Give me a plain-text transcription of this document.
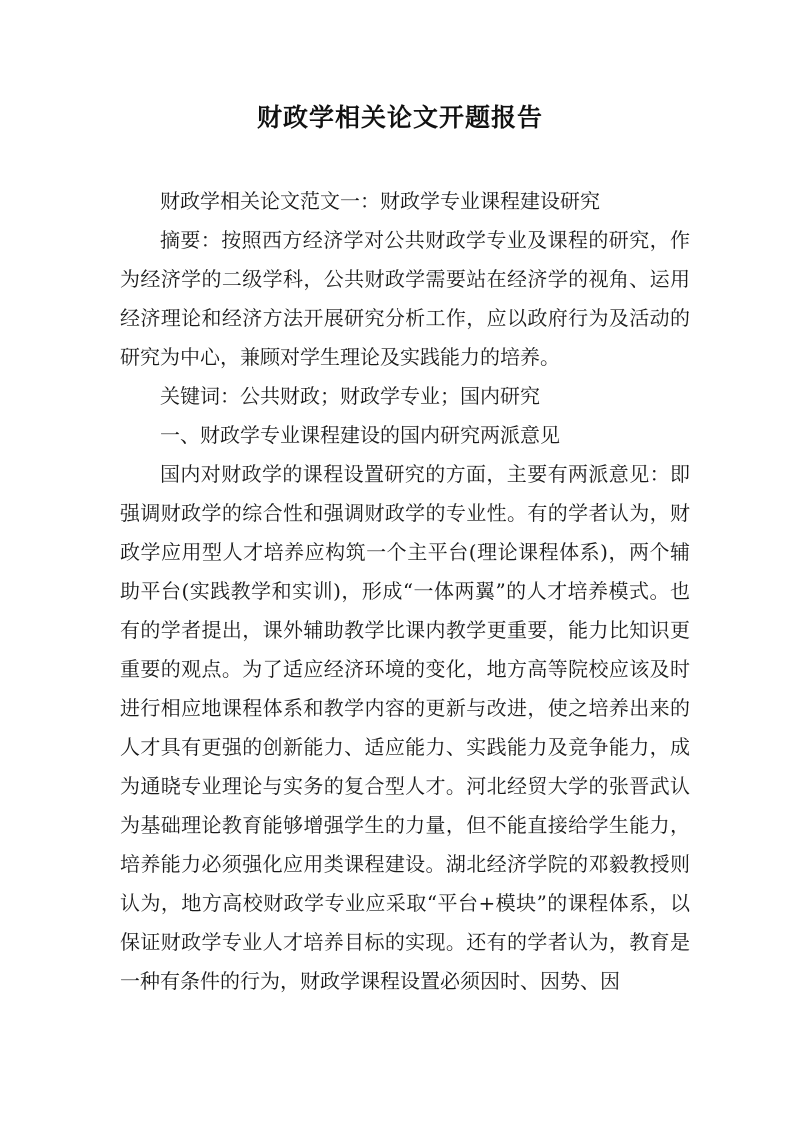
财政学相关论文开题报告

财政学相关论文范文一：财政学专业课程建设研究

摘要：按照西方经济学对公共财政学专业及课程的研究，作为经济学的二级学科，公共财政学需要站在经济学的视角、运用经济理论和经济方法开展研究分析工作，应以政府行为及活动的研究为中心，兼顾对学生理论及实践能力的培养。

关键词：公共财政；财政学专业；国内研究

一、财政学专业课程建设的国内研究两派意见

国内对财政学的课程设置研究的方面，主要有两派意见：即强调财政学的综合性和强调财政学的专业性。有的学者认为，财政学应用型人才培养应构筑一个主平台(理论课程体系)，两个辅助平台(实践教学和实训)，形成“一体两翼”的人才培养模式。也有的学者提出，课外辅助教学比课内教学更重要，能力比知识更重要的观点。为了适应经济环境的变化，地方高等院校应该及时进行相应地课程体系和教学内容的更新与改进，使之培养出来的人才具有更强的创新能力、适应能力、实践能力及竞争能力，成为通晓专业理论与实务的复合型人才。河北经贸大学的张晋武认为基础理论教育能够增强学生的力量，但不能直接给学生能力，培养能力必须强化应用类课程建设。湖北经济学院的邓毅教授则认为，地方高校财政学专业应采取“平台+模块”的课程体系，以保证财政学专业人才培养目标的实现。还有的学者认为，教育是一种有条件的行为，财政学课程设置必须因时、因势、因
